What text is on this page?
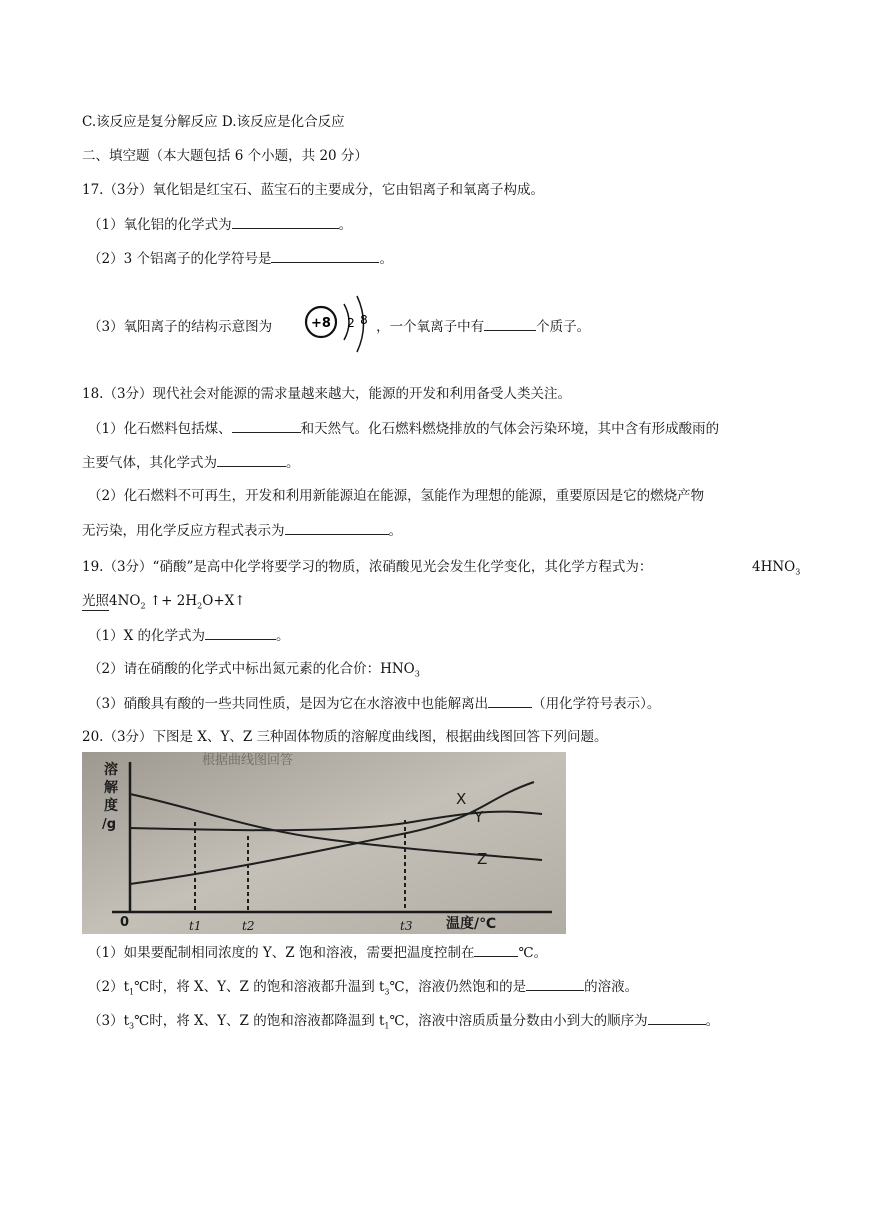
C.该反应是复分解反应 D.该反应是化合反应
二、填空题（本大题包括 6 个小题，共 20 分）
17.（3分）氧化铝是红宝石、蓝宝石的主要成分，它由铝离子和氧离子构成。
（1）氧化铝的化学式为	。
（2）3 个铝离子的化学符号是	。
（3）氧阳离子的结构示意图为	，一个氧离子中有	个质子。
+8 2 8
18.（3分）现代社会对能源的需求量越来越大，能源的开发和利用备受人类关注。
（1）化石燃料包括煤、	和天然气。化石燃料燃烧排放的气体会污染环境，其中含有形成酸雨的
主要气体，其化学式为	。
（2）化石燃料不可再生，开发和利用新能源迫在能源，氢能作为理想的能源，重要原因是它的燃烧产物
无污染，用化学反应方程式表示为	。
19.（3分）“硝酸”是高中化学将要学习的物质，浓硝酸见光会发生化学变化，其化学方程式为：	$4HNO_3$
光照$4NO_2$ ↑+ $2H_2O+X↑$
（1）X 的化学式为	。
（2）请在硝酸的化学式中标出氮元素的化合价：$HNO_3$
（3）硝酸具有酸的一些共同性质，是因为它在水溶液中也能解离出	（用化学符号表示）。
20.（3分）下图是 X、Y、Z 三种固体物质的溶解度曲线图，根据曲线图回答下列问题。
根据曲线图回答
溶
解
度
/g
X
Y
Z
0	t1	t2	t3 温度/℃
（1）如果要配制相同浓度的 Y、Z 饱和溶液，需要把温度控制在	℃。
$(2)t_1℃$时，将 X、Y、Z 的饱和溶液都升温到 $t_3℃$，溶液仍然饱和的是	的溶液。
$(3)t_3℃$时，将 X、Y、Z 的饱和溶液都降温到 $t_1℃$，溶液中溶质质量分数由小到大的顺序为	。
